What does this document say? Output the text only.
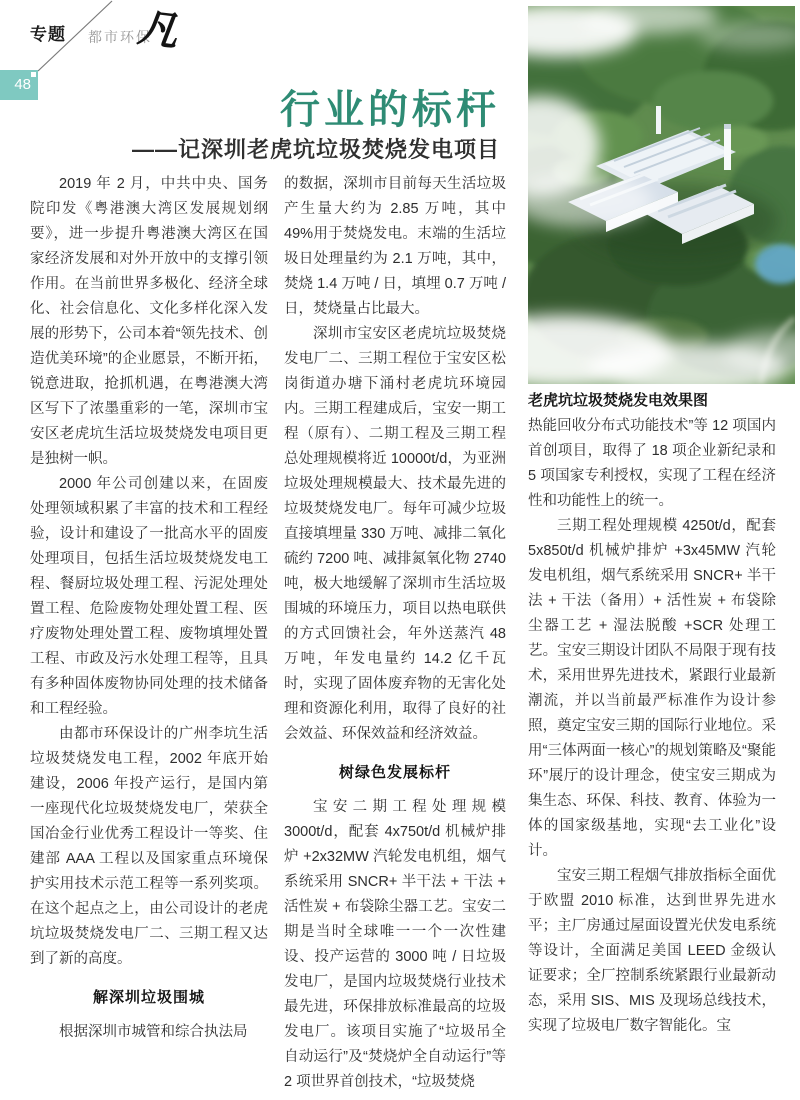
专题 都市环保
凡
48
行业的标杆
——记深圳老虎坑垃圾焚烧发电项目
老虎坑垃圾焚烧发电效果图

2019 年 2 月，中共中央、国务院印发《粤港澳大湾区发展规划纲要》，进一步提升粤港澳大湾区在国家经济发展和对外开放中的支撑引领作用。在当前世界多极化、经济全球化、社会信息化、文化多样化深入发展的形势下，公司本着“领先技术、创造优美环境”的企业愿景，不断开拓，锐意进取，抢抓机遇，在粤港澳大湾区写下了浓墨重彩的一笔，深圳市宝安区老虎坑生活垃圾焚烧发电项目更是独树一帜。

2000 年公司创建以来，在固废处理领域积累了丰富的技术和工程经验，设计和建设了一批高水平的固废处理项目，包括生活垃圾焚烧发电工程、餐厨垃圾处理工程、污泥处理处置工程、危险废物处理处置工程、医疗废物处理处置工程、废物填埋处置工程、市政及污水处理工程等，且具有多种固体废物协同处理的技术储备和工程经验。

由都市环保设计的广州李坑生活垃圾焚烧发电工程，2002 年底开始建设，2006 年投产运行，是国内第一座现代化垃圾焚烧发电厂，荣获全国冶金行业优秀工程设计一等奖、住建部 AAA 工程以及国家重点环境保护实用技术示范工程等一系列奖项。在这个起点之上，由公司设计的老虎坑垃圾焚烧发电厂二、三期工程又达到了新的高度。

解深圳垃圾围城

根据深圳市城管和综合执法局

的数据，深圳市目前每天生活垃圾产生量大约为 2.85 万吨，其中 49%用于焚烧发电。末端的生活垃圾日处理量约为 2.1 万吨，其中，焚烧 1.4 万吨 / 日，填埋 0.7 万吨 / 日，焚烧量占比最大。

深圳市宝安区老虎坑垃圾焚烧发电厂二、三期工程位于宝安区松岗街道办塘下涌村老虎坑环境园内。三期工程建成后，宝安一期工程（原有）、二期工程及三期工程总处理规模将近 10000t/d，为亚洲垃圾处理规模最大、技术最先进的垃圾焚烧发电厂。每年可减少垃圾直接填埋量 330 万吨、减排二氧化硫约 7200 吨、减排氮氧化物 2740 吨，极大地缓解了深圳市生活垃圾围城的环境压力，项目以热电联供的方式回馈社会，年外送蒸汽 48 万吨，年发电量约 14.2 亿千瓦时，实现了固体废弃物的无害化处理和资源化利用，取得了良好的社会效益、环保效益和经济效益。

树绿色发展标杆

宝安二期工程处理规模 3000t/d，配套 4x750t/d 机械炉排炉 +2x32MW 汽轮发电机组，烟气系统采用 SNCR+ 半干法 + 干法 + 活性炭 + 布袋除尘器工艺。宝安二期是当时全球唯一一个一次性建设、投产运营的 3000 吨 / 日垃圾发电厂，是国内垃圾焚烧行业技术最先进，环保排放标准最高的垃圾发电厂。该项目实施了“垃圾吊全自动运行”及“焚烧炉全自动运行”等 2 项世界首创技术，“垃圾焚烧

热能回收分布式功能技术”等 12 项国内首创项目，取得了 18 项企业新纪录和 5 项国家专利授权，实现了工程在经济性和功能性上的统一。

三期工程处理规模 4250t/d，配套 5x850t/d 机械炉排炉 +3x45MW 汽轮发电机组，烟气系统采用 SNCR+ 半干法 + 干法（备用）+ 活性炭 + 布袋除尘器工艺 + 湿法脱酸 +SCR 处理工艺。宝安三期设计团队不局限于现有技术，采用世界先进技术，紧跟行业最新潮流，并以当前最严标准作为设计参照，奠定宝安三期的国际行业地位。采用“三体两面一核心”的规划策略及“聚能环”展厅的设计理念，使宝安三期成为集生态、环保、科技、教育、体验为一体的国家级基地，实现“去工业化”设计。

宝安三期工程烟气排放指标全面优于欧盟 2010 标准，达到世界先进水平；主厂房通过屋面设置光伏发电系统等设计，全面满足美国 LEED 金级认证要求；全厂控制系统紧跟行业最新动态，采用 SIS、MIS 及现场总线技术，实现了垃圾电厂数字智能化。宝
